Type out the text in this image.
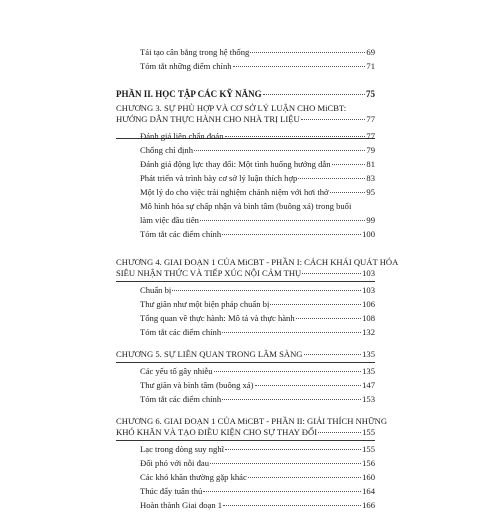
Tái tạo cân bằng trong hệ thống	69
Tóm tắt những điểm chính	71
PHẦN II. HỌC TẬP CÁC KỸ NĂNG	75
CHƯƠNG 3. SỰ PHÙ HỢP VÀ CƠ SỞ LÝ LUẬN CHO MiCBT:
HƯỚNG DẪN THỰC HÀNH CHO NHÀ TRỊ LIỆU	77
Đánh giá liên chẩn đoán	77
Chống chỉ định	79
Đánh giá động lực thay đổi: Một tình huống hướng dẫn	81
Phát triển và trình bày cơ sở lý luận thích hợp	83
Một lý do cho việc trải nghiệm chánh niệm với hơi thở	95
Mô hình hóa sự chấp nhận và bình tâm (buông xả) trong buổi
làm việc đầu tiên	99
Tóm tắt các điểm chính	100
CHƯƠNG 4. GIAI ĐOẠN 1 CỦA MiCBT - PHẦN I: CÁCH KHÁI QUÁT HÓA
SIÊU NHẬN THỨC VÀ TIẾP XÚC NỘI CẢM THỤ	103
Chuẩn bị	103
Thư giãn như một biện pháp chuẩn bị	106
Tổng quan về thực hành: Mô tả và thực hành	108
Tóm tắt các điểm chính	132
CHƯƠNG 5. SỰ LIÊN QUAN TRONG LÂM SÀNG	135
Các yếu tố gây nhiễu	135
Thư giãn và bình tâm (buông xả)	147
Tóm tắt các điểm chính	153
CHƯƠNG 6. GIAI ĐOẠN 1 CỦA MiCBT - PHẦN II: GIẢI THÍCH NHỮNG
KHÓ KHĂN VÀ TẠO ĐIỀU KIỆN CHO SỰ THAY ĐỔI	155
Lạc trong dòng suy nghĩ	155
Đối phó với nỗi đau	156
Các khó khăn thường gặp khác	160
Thúc đẩy tuân thủ	164
Hoàn thành Giai đoạn 1	166
